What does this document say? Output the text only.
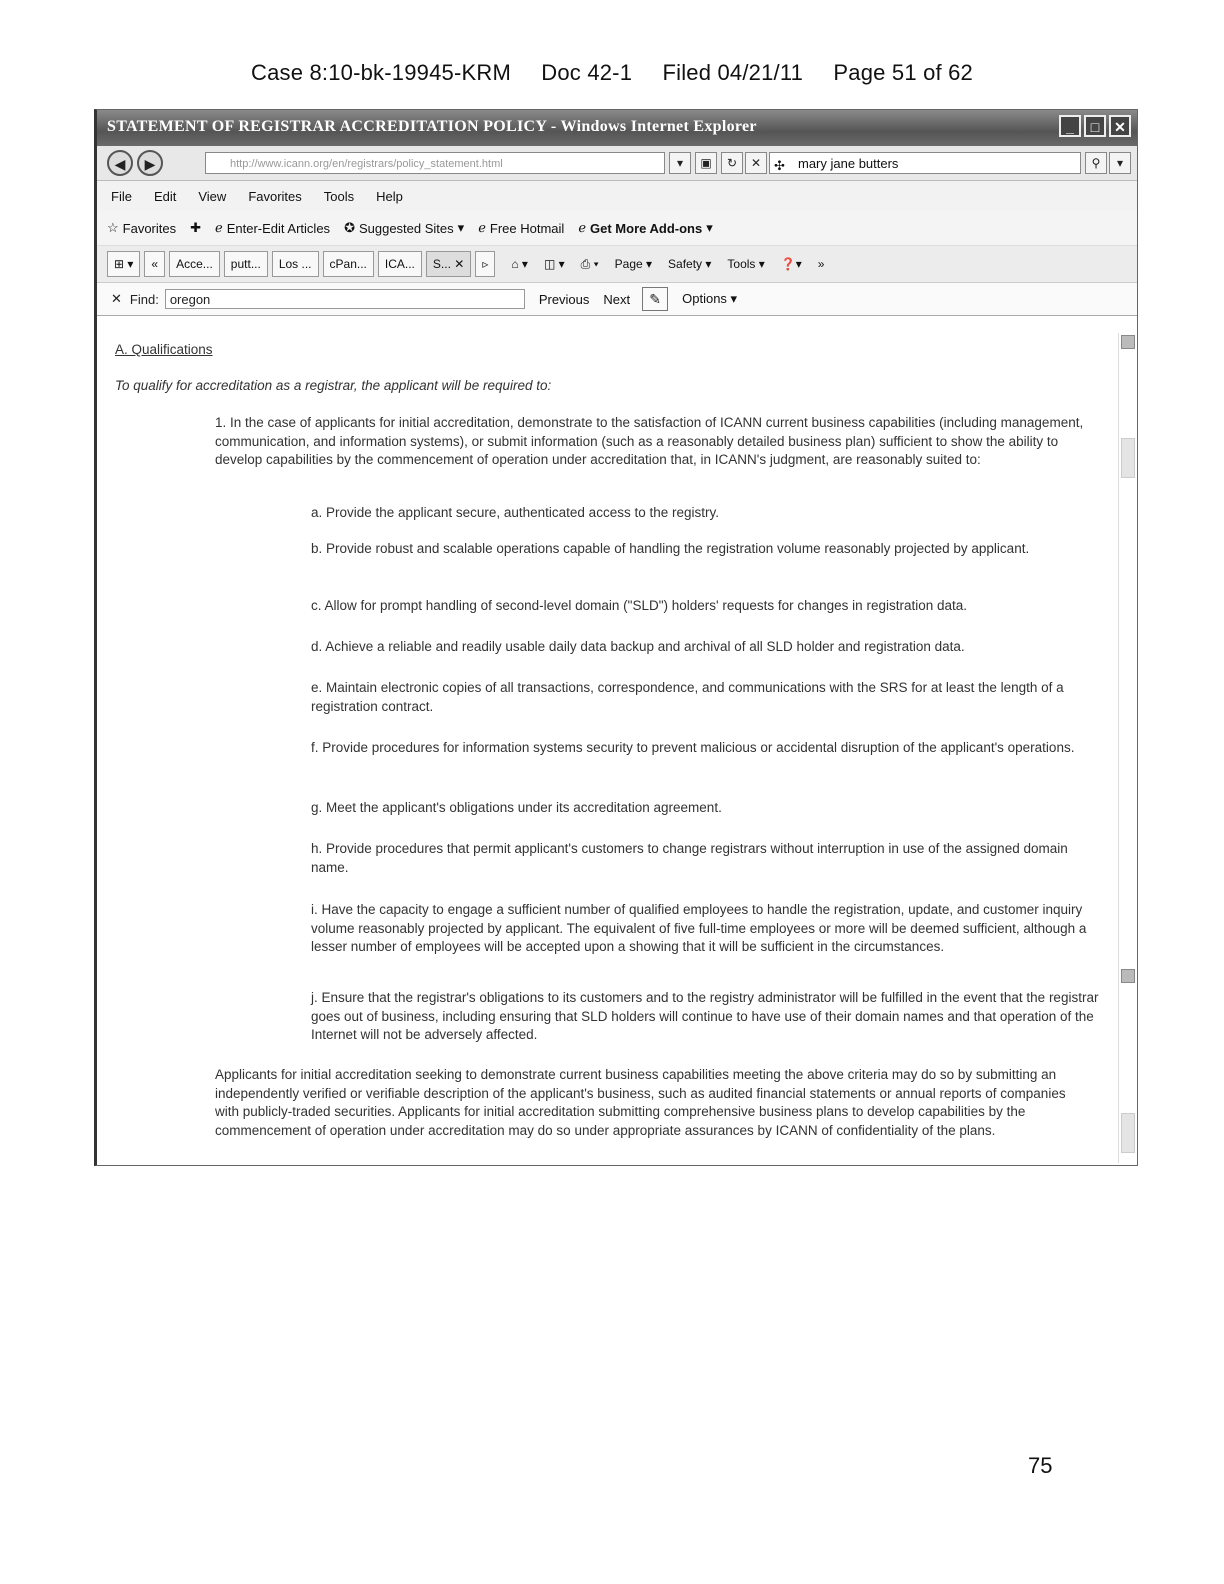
Case 8:10-bk-19945-KRM Doc 42-1 Filed 04/21/11 Page 51 of 62
STATEMENT OF REGISTRAR ACCREDITATION POLICY - Windows Internet Explorer	_	□	✕
◀	▶	http://www.icann.org/en/registrars/policy_statement.html	▾	▣	↻	✕ ✣ mary jane butters	⚲	▾
File Edit View Favorites Tools Help
☆ Favorites ✚ ℯ Enter-Edit Articles ✪ Suggested Sites ▾ ℯ Free Hotmail ℯ Get More Add-ons ▾
⊞ ▾	«	Acce...	putt...	Los ...	cPan...	ICA...	S... ✕	▹	⌂ ▾ ◫ ▾ ⎙ ▾ Page ▾ Safety ▾ Tools ▾ ❓▾ »
✕ Find: oregon	Previous Next	✎	Options ▾
A. Qualifications
To qualify for accreditation as a registrar, the applicant will be required to:
1. In the case of applicants for initial accreditation, demonstrate to the satisfaction of ICANN current business capabilities (including management, communication, and information systems), or submit information (such as a reasonably detailed business plan) sufficient to show the ability to develop capabilities by the commencement of operation under accreditation that, in ICANN's judgment, are reasonably suited to:
a. Provide the applicant secure, authenticated access to the registry.
b. Provide robust and scalable operations capable of handling the registration volume reasonably projected by applicant.
c. Allow for prompt handling of second-level domain ("SLD") holders' requests for changes in registration data.
d. Achieve a reliable and readily usable daily data backup and archival of all SLD holder and registration data.
e. Maintain electronic copies of all transactions, correspondence, and communications with the SRS for at least the length of a registration contract.
f. Provide procedures for information systems security to prevent malicious or accidental disruption of the applicant's operations.
g. Meet the applicant's obligations under its accreditation agreement.
h. Provide procedures that permit applicant's customers to change registrars without interruption in use of the assigned domain name.
i. Have the capacity to engage a sufficient number of qualified employees to handle the registration, update, and customer inquiry volume reasonably projected by applicant. The equivalent of five full-time employees or more will be deemed sufficient, although a lesser number of employees will be accepted upon a showing that it will be sufficient in the circumstances.
j. Ensure that the registrar's obligations to its customers and to the registry administrator will be fulfilled in the event that the registrar goes out of business, including ensuring that SLD holders will continue to have use of their domain names and that operation of the Internet will not be adversely affected.
Applicants for initial accreditation seeking to demonstrate current business capabilities meeting the above criteria may do so by submitting an independently verified or verifiable description of the applicant's business, such as audited financial statements or annual reports of companies with publicly-traded securities. Applicants for initial accreditation submitting comprehensive business plans to develop capabilities by the commencement of operation under accreditation may do so under appropriate assurances by ICANN of confidentiality of the plans.
75
